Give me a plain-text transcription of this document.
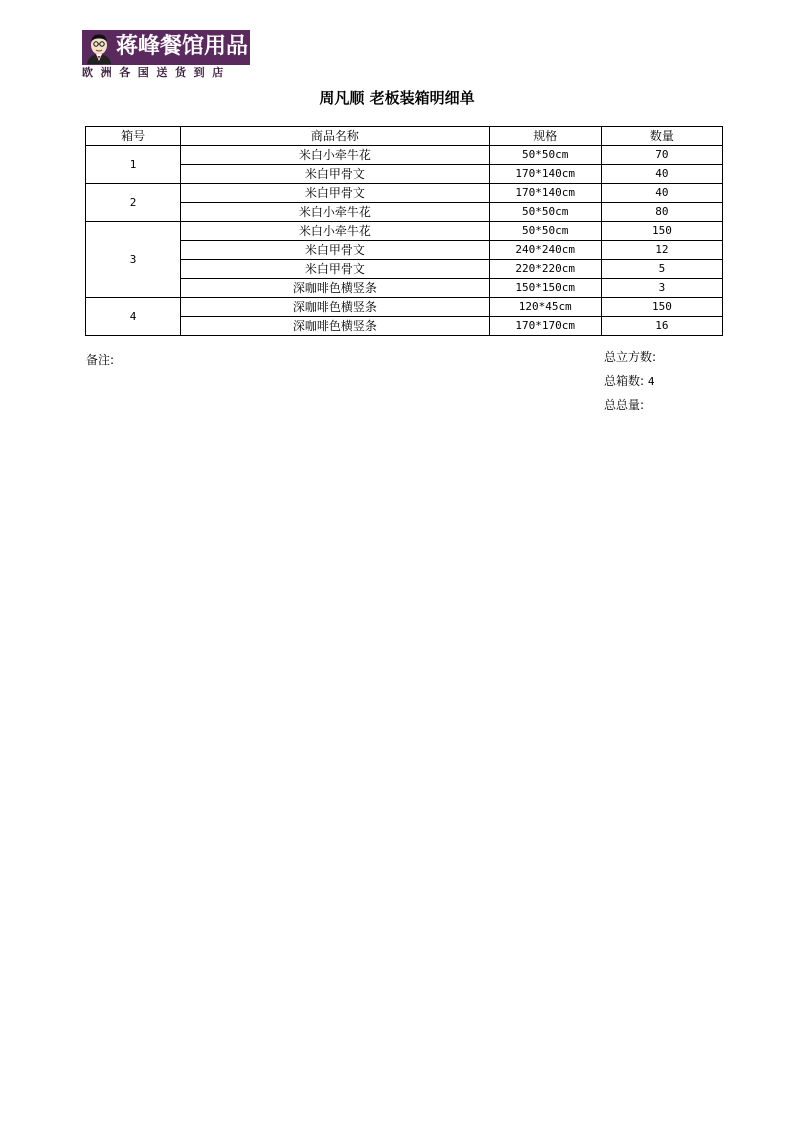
蒋峰餐馆用品
欧洲各国送货到店
周凡顺 老板装箱明细单
箱号	商品名称	规格	数量
1	米白小牵牛花	50*50cm	70
	米白甲骨文	170*140cm	40
2	米白甲骨文	170*140cm	40
	米白小牵牛花	50*50cm	80
3	米白小牵牛花	50*50cm	150
	米白甲骨文	240*240cm	12
	米白甲骨文	220*220cm	5
	深咖啡色横竖条	150*150cm	3
4	深咖啡色横竖条	120*45cm	150
	深咖啡色横竖条	170*170cm	16
备注:	总立方数:
总箱数: 4
总总量:
